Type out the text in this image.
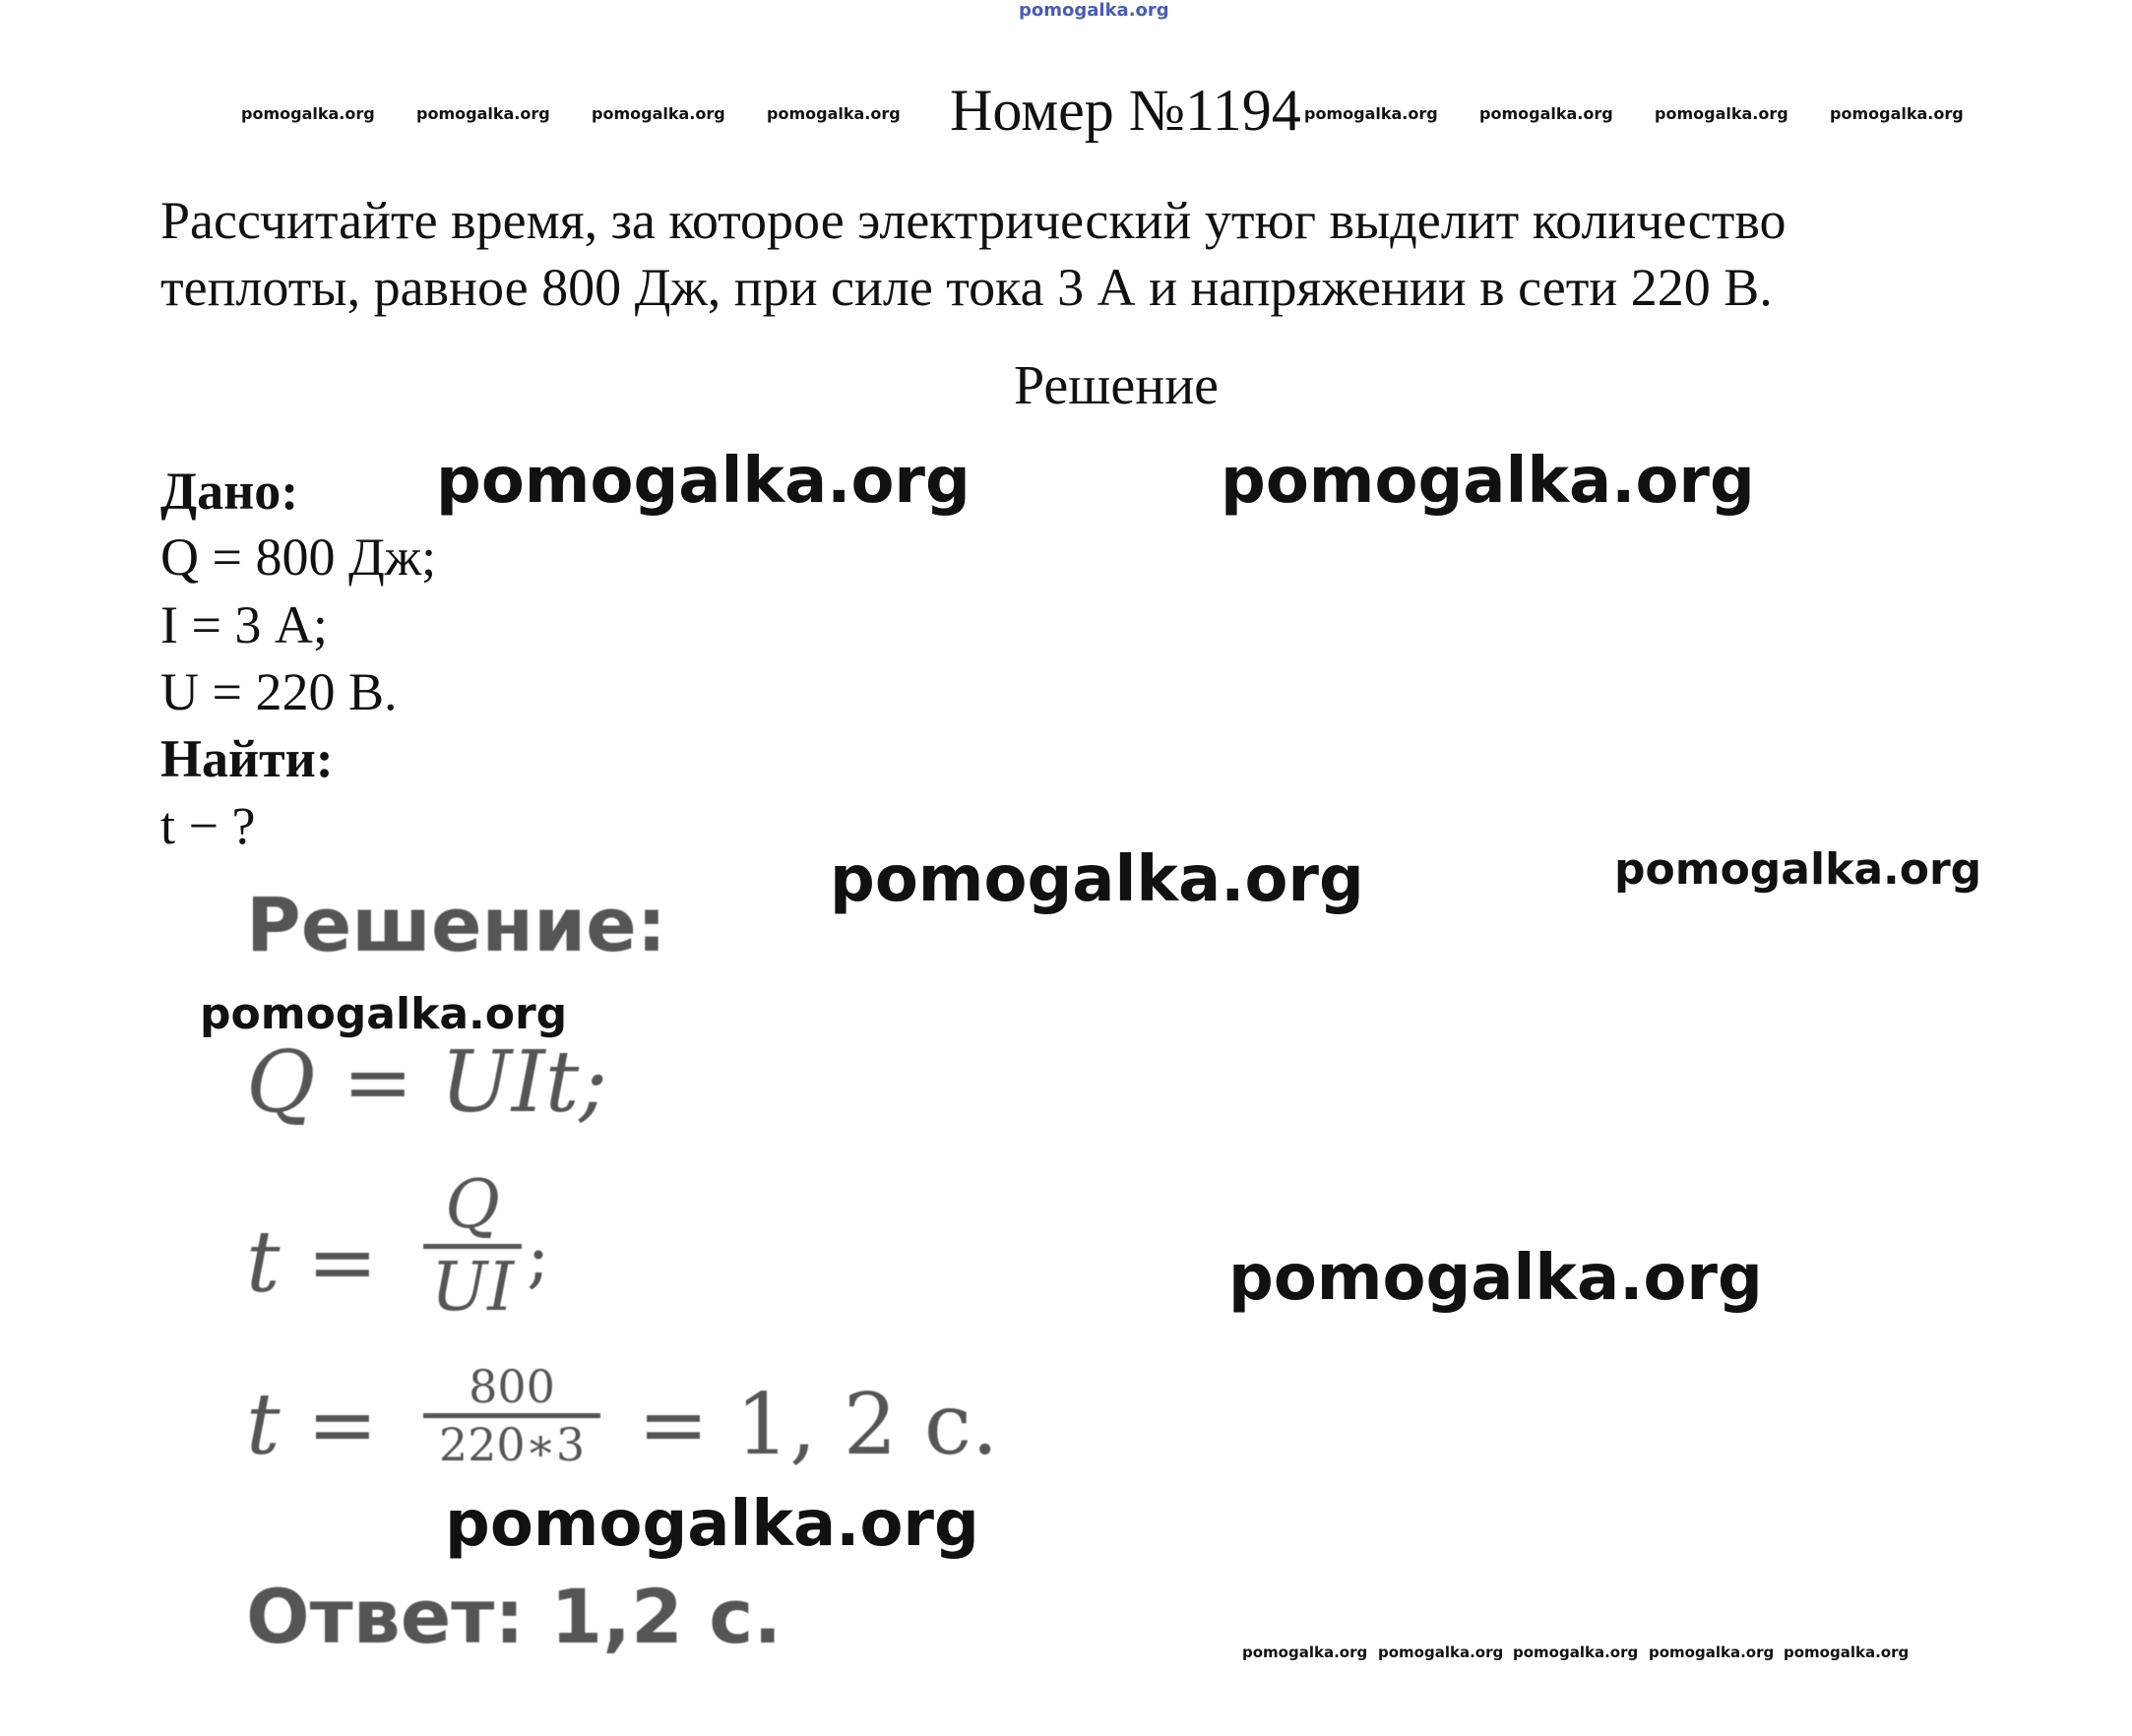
pomogalka.org
pomogalka.org	pomogalka.org	pomogalka.org	pomogalka.org	pomogalka.org	pomogalka.org	pomogalka.org	pomogalka.org
Номер №1194
Рассчитайте время, за которое электрический утюг выделит количество
теплоты, равное 800 Дж, при силе тока 3 А и напряжении в сети 220 В.
Решение
Дано:
Q = 800 Дж;
I = 3 А;
U = 220 В.
Найти:
t − ?
pomogalka.org	pomogalka.org
pomogalka.org	pomogalka.org
pomogalka.org
pomogalka.org
pomogalka.org
Решение:
Q = UIt;
t =
Q
UI ;
t = 800
220∗3 = 1, 2 с.
Ответ: 1,2 с.	pomogalka.org pomogalka.org pomogalka.org pomogalka.org pomogalka.org
